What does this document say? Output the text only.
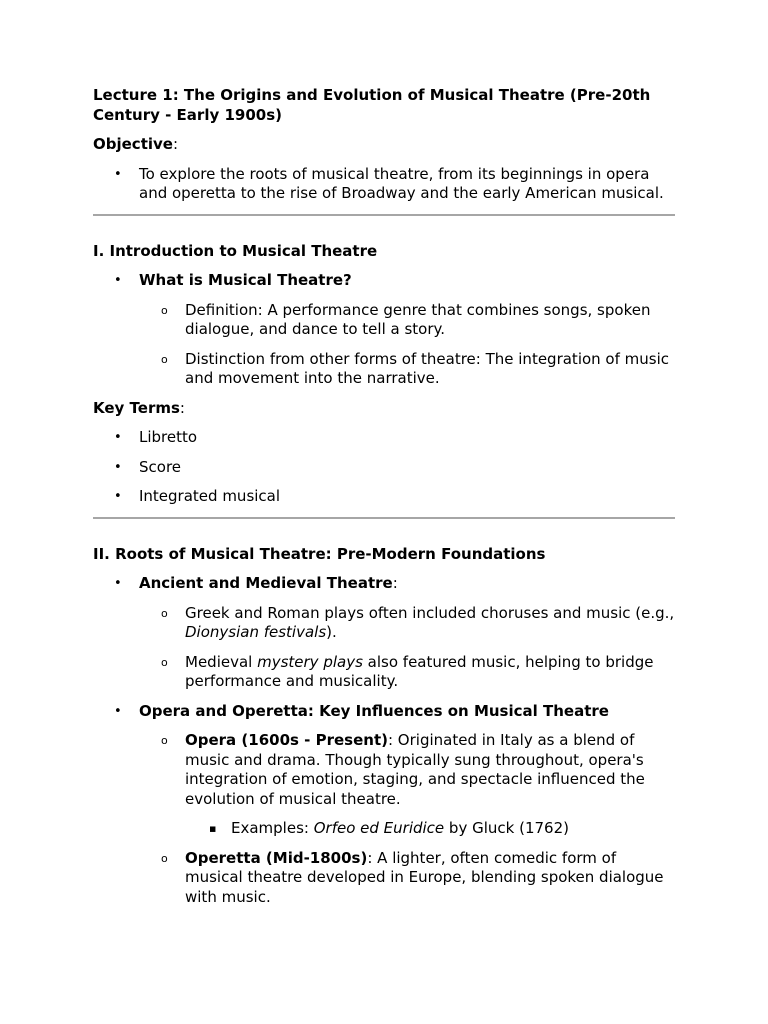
Lecture 1: The Origins and Evolution of Musical Theatre (Pre-20th Century - Early 1900s)

Objective:

• To explore the roots of musical theatre, from its beginnings in opera and operetta to the rise of Broadway and the early American musical.

I. Introduction to Musical Theatre

• What is Musical Theatre?
o Definition: A performance genre that combines songs, spoken dialogue, and dance to tell a story.
o Distinction from other forms of theatre: The integration of music and movement into the narrative.

Key Terms:

• Libretto
• Score
• Integrated musical

II. Roots of Musical Theatre: Pre-Modern Foundations

• Ancient and Medieval Theatre:
o Greek and Roman plays often included choruses and music (e.g., Dionysian festivals).
o Medieval mystery plays also featured music, helping to bridge performance and musicality.
• Opera and Operetta: Key Influences on Musical Theatre
o Opera (1600s - Present): Originated in Italy as a blend of music and drama. Though typically sung throughout, opera's integration of emotion, staging, and spectacle influenced the evolution of musical theatre.
▪ Examples: Orfeo ed Euridice by Gluck (1762)
o Operetta (Mid-1800s): A lighter, often comedic form of musical theatre developed in Europe, blending spoken dialogue with music.
